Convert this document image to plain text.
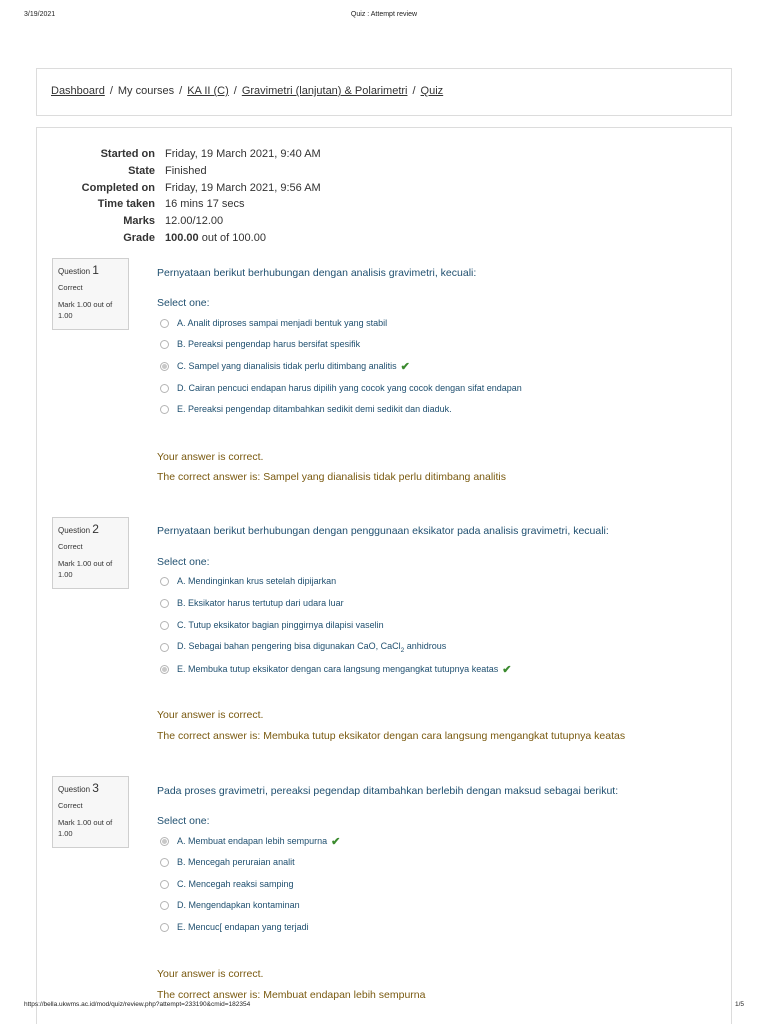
3/19/2021	Quiz : Attempt review
Dashboard / My courses / KA II (C) / Gravimetri (lanjutan) & Polarimetri / Quiz
Started on Friday, 19 March 2021, 9:40 AM
State Finished
Completed on Friday, 19 March 2021, 9:56 AM
Time taken 16 mins 17 secs
Marks 12.00/12.00
Grade 100.00 out of 100.00
Question 1
Correct
Mark 1.00 out of 1.00
Pernyataan berikut berhubungan dengan analisis gravimetri, kecuali:
Select one:
A. Analit diproses sampai menjadi bentuk yang stabil
B. Pereaksi pengendap harus bersifat spesifik
C. Sampel yang dianalisis tidak perlu ditimbang analitis ✔
D. Cairan pencuci endapan harus dipilih yang cocok yang cocok dengan sifat endapan
E. Pereaksi pengendap ditambahkan sedikit demi sedikit dan diaduk.
Your answer is correct.
The correct answer is: Sampel yang dianalisis tidak perlu ditimbang analitis
Question 2
Correct
Mark 1.00 out of 1.00
Pernyataan berikut berhubungan dengan penggunaan eksikator pada analisis gravimetri, kecuali:
Select one:
A. Mendinginkan krus setelah dipijarkan
B. Eksikator harus tertutup dari udara luar
C. Tutup eksikator bagian pinggirnya dilapisi vaselin
D. Sebagai bahan pengering bisa digunakan CaO, CaCl$_2$ anhidrous
E. Membuka tutup eksikator dengan cara langsung mengangkat tutupnya keatas ✔
Your answer is correct.
The correct answer is: Membuka tutup eksikator dengan cara langsung mengangkat tutupnya keatas
Question 3
Correct
Mark 1.00 out of 1.00
Pada proses gravimetri, pereaksi pegendap ditambahkan berlebih dengan maksud sebagai berikut:
Select one:
A. Membuat endapan lebih sempurna ✔
B. Mencegah peruraian analit
C. Mencegah reaksi samping
D. Mengendapkan kontaminan
E. Mencuc[ endapan yang terjadi
Your answer is correct.
The correct answer is: Membuat endapan lebih sempurna
https://bella.ukwms.ac.id/mod/quiz/review.php?attempt=233190&cmid=182354	1/5
